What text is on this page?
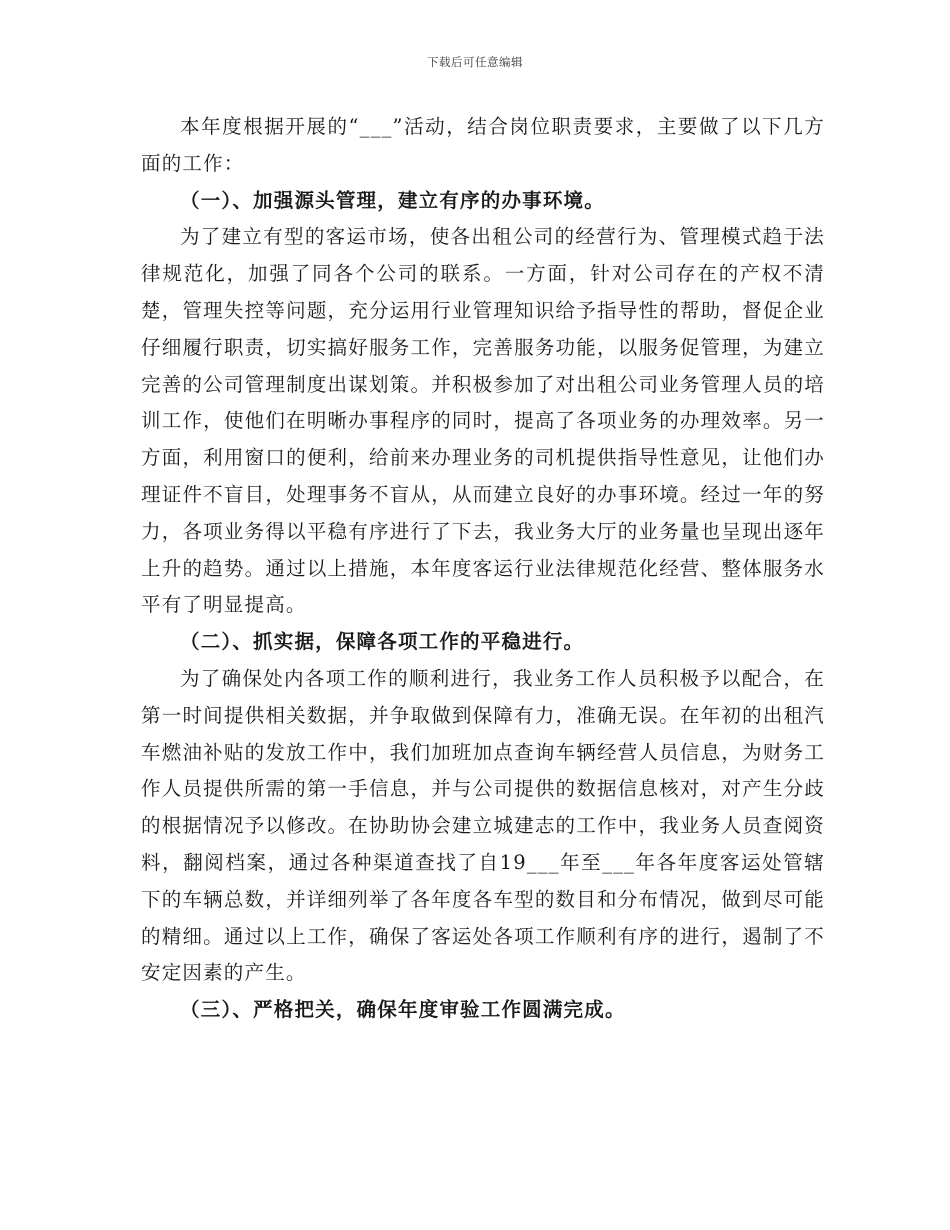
下载后可任意编辑

本年度根据开展的“___”活动，结合岗位职责要求，主要做了以下几方面的工作：

（一）、加强源头管理，建立有序的办事环境。

为了建立有型的客运市场，使各出租公司的经营行为、管理模式趋于法律规范化，加强了同各个公司的联系。一方面，针对公司存在的产权不清楚，管理失控等问题，充分运用行业管理知识给予指导性的帮助，督促企业仔细履行职责，切实搞好服务工作，完善服务功能，以服务促管理，为建立完善的公司管理制度出谋划策。并积极参加了对出租公司业务管理人员的培训工作，使他们在明晰办事程序的同时，提高了各项业务的办理效率。另一方面，利用窗口的便利，给前来办理业务的司机提供指导性意见，让他们办理证件不盲目，处理事务不盲从，从而建立良好的办事环境。经过一年的努力，各项业务得以平稳有序进行了下去，我业务大厅的业务量也呈现出逐年上升的趋势。通过以上措施，本年度客运行业法律规范化经营、整体服务水平有了明显提高。

（二）、抓实据，保障各项工作的平稳进行。

为了确保处内各项工作的顺利进行，我业务工作人员积极予以配合，在第一时间提供相关数据，并争取做到保障有力，准确无误。在年初的出租汽车燃油补贴的发放工作中，我们加班加点查询车辆经营人员信息，为财务工作人员提供所需的第一手信息，并与公司提供的数据信息核对，对产生分歧的根据情况予以修改。在协助协会建立城建志的工作中，我业务人员查阅资料，翻阅档案，通过各种渠道查找了自19___年至___年各年度客运处管辖下的车辆总数，并详细列举了各年度各车型的数目和分布情况，做到尽可能的精细。通过以上工作，确保了客运处各项工作顺利有序的进行，遏制了不安定因素的产生。

（三）、严格把关，确保年度审验工作圆满完成。
